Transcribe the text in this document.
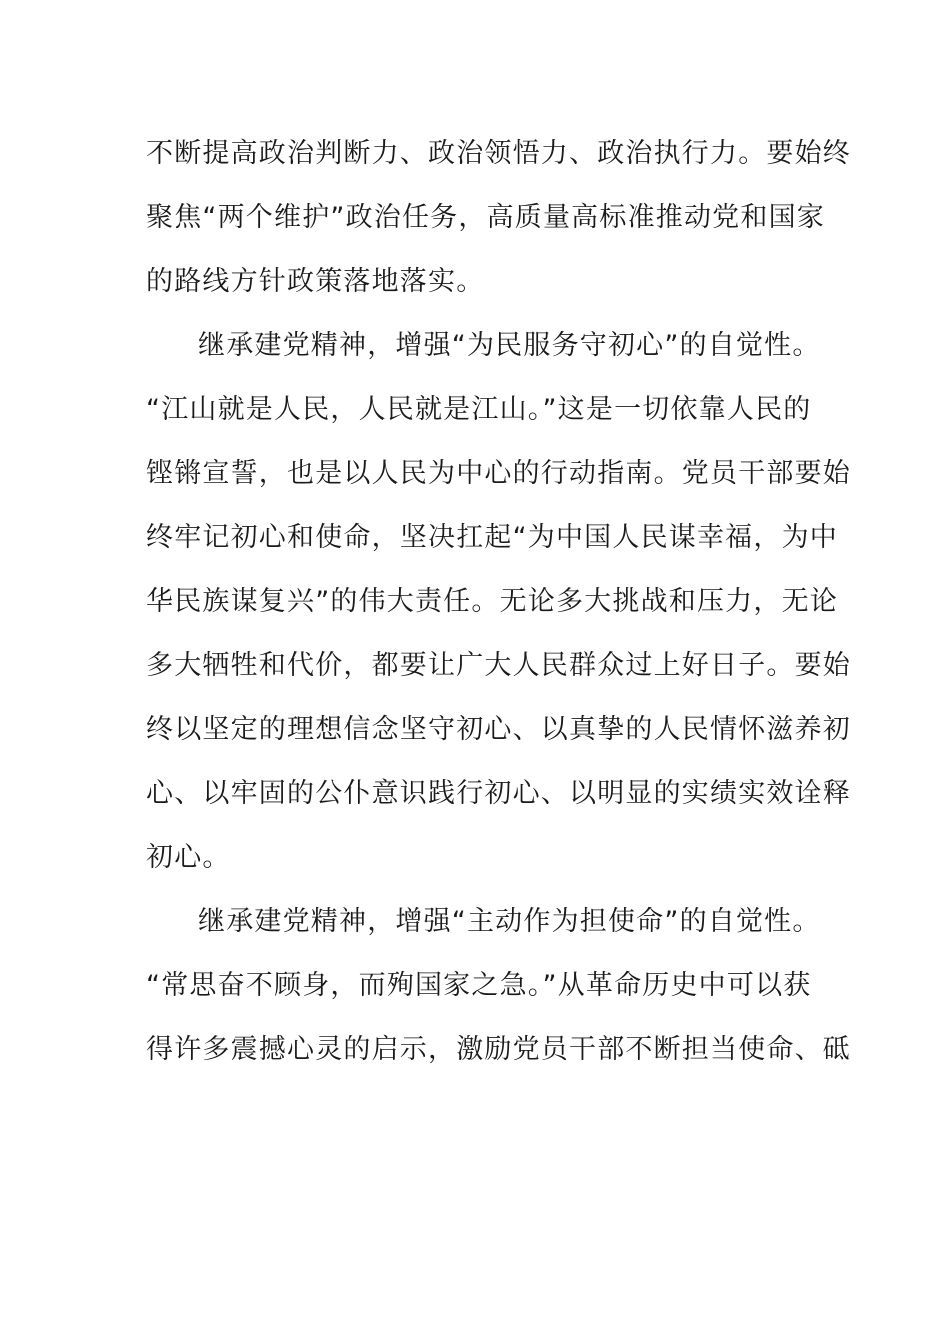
不断提高政治判断力、政治领悟力、政治执行力。要始终
聚焦“两个维护”政治任务，高质量高标准推动党和国家
的路线方针政策落地落实。
继承建党精神，增强“为民服务守初心”的自觉性。
“江山就是人民，人民就是江山。”这是一切依靠人民的
铿锵宣誓，也是以人民为中心的行动指南。党员干部要始
终牢记初心和使命，坚决扛起“为中国人民谋幸福，为中
华民族谋复兴”的伟大责任。无论多大挑战和压力，无论
多大牺牲和代价，都要让广大人民群众过上好日子。要始
终以坚定的理想信念坚守初心、以真挚的人民情怀滋养初
心、以牢固的公仆意识践行初心、以明显的实绩实效诠释
初心。
继承建党精神，增强“主动作为担使命”的自觉性。
“常思奋不顾身，而殉国家之急。”从革命历史中可以获
得许多震撼心灵的启示，激励党员干部不断担当使命、砥
